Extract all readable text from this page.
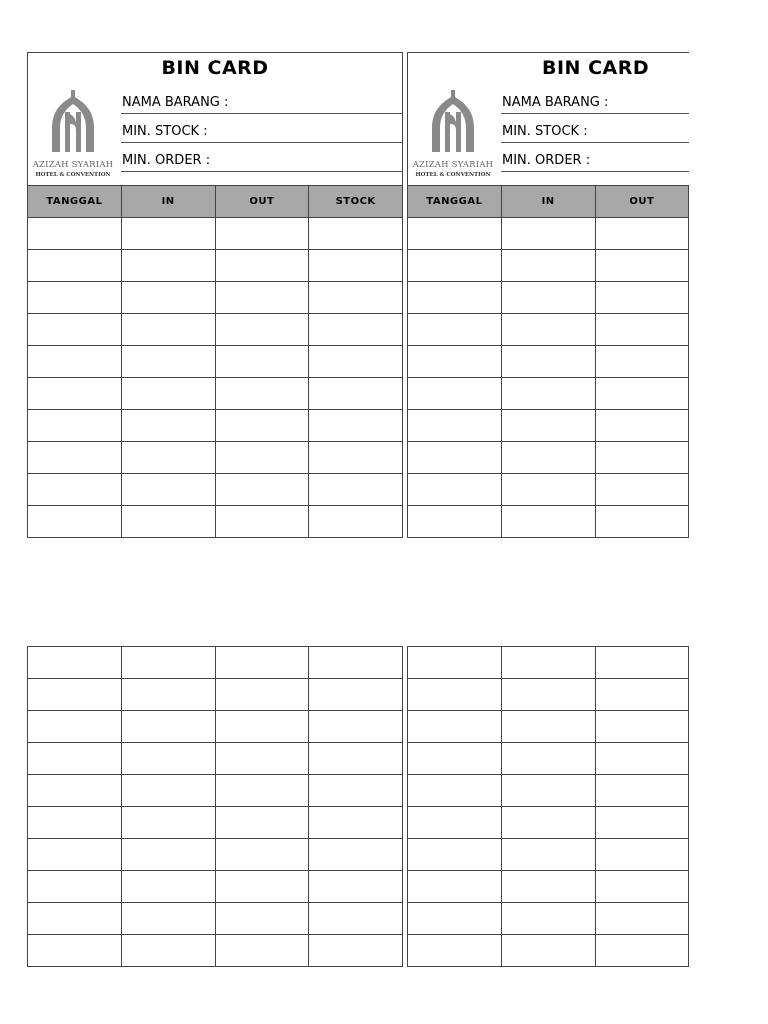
BIN CARD
AZIZAH SYARIAH
HOTEL & CONVENTION
NAMA BARANG :
MIN. STOCK :
MIN. ORDER :
TANGGAL	IN	OUT	STOCK

BIN CARD
AZIZAH SYARIAH
HOTEL & CONVENTION
NAMA BARANG :
MIN. STOCK :
MIN. ORDER :
TANGGAL	IN	OUT	
